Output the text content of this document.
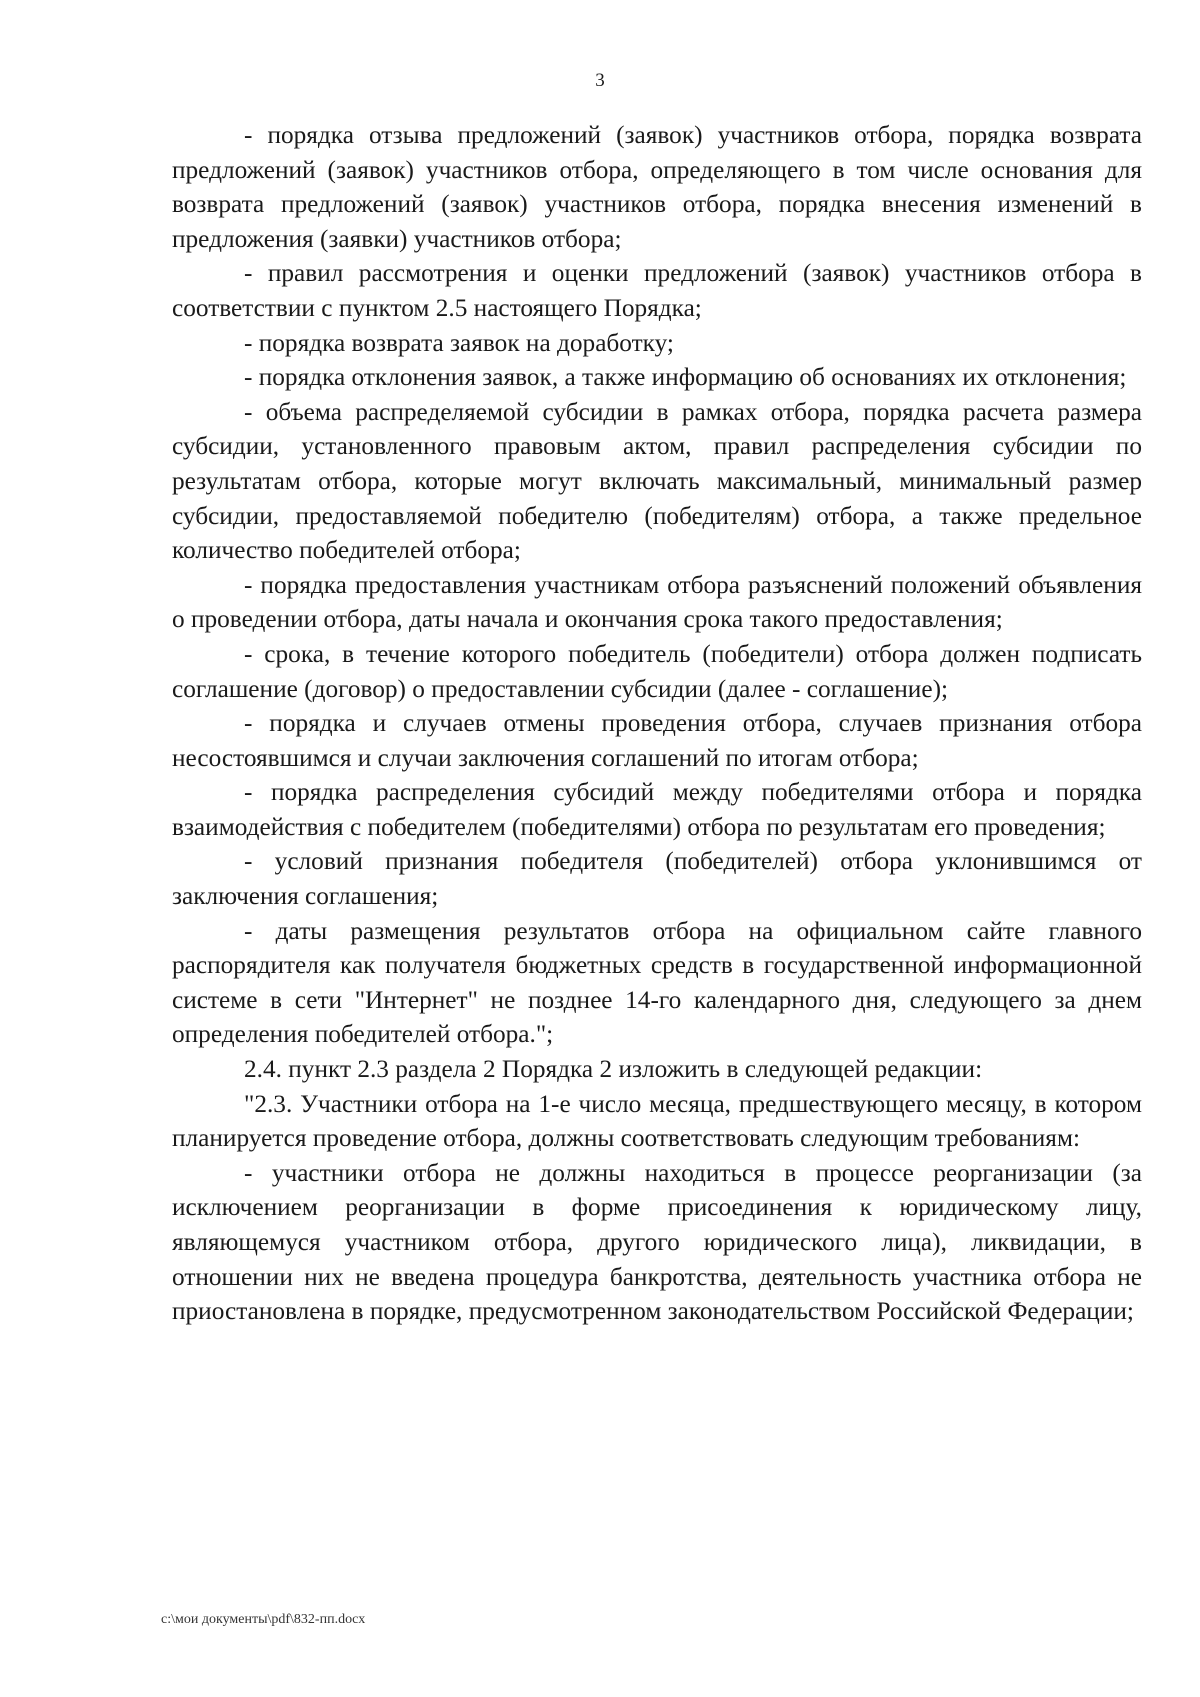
3

- порядка отзыва предложений (заявок) участников отбора, порядка возврата предложений (заявок) участников отбора, определяющего в том числе основания для возврата предложений (заявок) участников отбора, порядка внесения изменений в предложения (заявки) участников отбора;

- правил рассмотрения и оценки предложений (заявок) участников отбора в соответствии с пунктом 2.5 настоящего Порядка;

- порядка возврата заявок на доработку;

- порядка отклонения заявок, а также информацию об основаниях их отклонения;

- объема распределяемой субсидии в рамках отбора, порядка расчета размера субсидии, установленного правовым актом, правил распределения субсидии по результатам отбора, которые могут включать максимальный, минимальный размер субсидии, предоставляемой победителю (победителям) отбора, а также предельное количество победителей отбора;

- порядка предоставления участникам отбора разъяснений положений объявления о проведении отбора, даты начала и окончания срока такого предоставления;

- срока, в течение которого победитель (победители) отбора должен подписать соглашение (договор) о предоставлении субсидии (далее - соглашение);

- порядка и случаев отмены проведения отбора, случаев признания отбора несостоявшимся и случаи заключения соглашений по итогам отбора;

- порядка распределения субсидий между победителями отбора и порядка взаимодействия с победителем (победителями) отбора по результатам его проведения;

- условий признания победителя (победителей) отбора уклонившимся от заключения соглашения;

- даты размещения результатов отбора на официальном сайте главного распорядителя как получателя бюджетных средств в государственной информационной системе в сети "Интернет" не позднее 14-го календарного дня, следующего за днем определения победителей отбора.";

2.4. пункт 2.3 раздела 2 Порядка 2 изложить в следующей редакции:

"2.3. Участники отбора на 1-е число месяца, предшествующего месяцу, в котором планируется проведение отбора, должны соответствовать следующим требованиям:

- участники отбора не должны находиться в процессе реорганизации (за исключением реорганизации в форме присоединения к юридическому лицу, являющемуся участником отбора, другого юридического лица), ликвидации, в отношении них не введена процедура банкротства, деятельность участника отбора не приостановлена в порядке, предусмотренном законодательством Российской Федерации;

c:\мои документы\pdf\832-пп.docx
